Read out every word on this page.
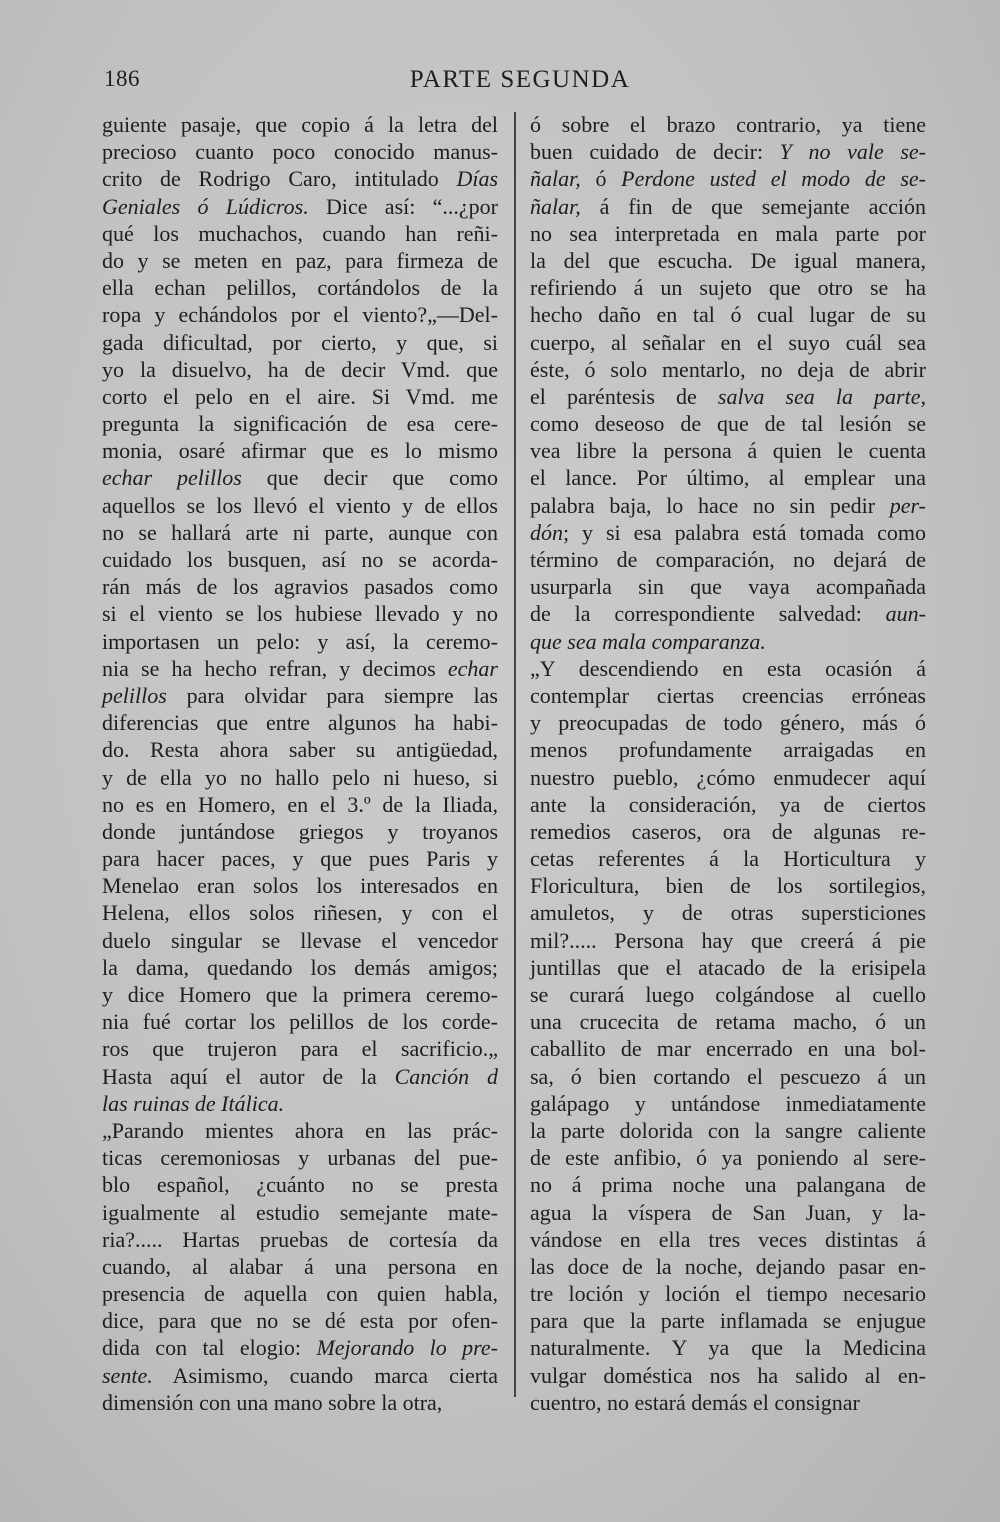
186	PARTE SEGUNDA
guiente pasaje, que copio á la letra del
precioso cuanto poco conocido manus-
crito de Rodrigo Caro, intitulado Días
Geniales ó Lúdicros. Dice así: “...¿por
qué los muchachos, cuando han reñi-
do y se meten en paz, para firmeza de
ella echan pelillos, cortándolos de la
ropa y echándolos por el viento?„—Del-
gada dificultad, por cierto, y que, si
yo la disuelvo, ha de decir Vmd. que
corto el pelo en el aire. Si Vmd. me
pregunta la significación de esa cere-
monia, osaré afirmar que es lo mismo
echar pelillos que decir que como
aquellos se los llevó el viento y de ellos
no se hallará arte ni parte, aunque con
cuidado los busquen, así no se acorda-
rán más de los agravios pasados como
si el viento se los hubiese llevado y no
importasen un pelo: y así, la ceremo-
nia se ha hecho refran, y decimos echar
pelillos para olvidar para siempre las
diferencias que entre algunos ha habi-
do. Resta ahora saber su antigüedad,
y de ella yo no hallo pelo ni hueso, si
no es en Homero, en el 3.º de la Iliada,
donde juntándose griegos y troyanos
para hacer paces, y que pues Paris y
Menelao eran solos los interesados en
Helena, ellos solos riñesen, y con el
duelo singular se llevase el vencedor
la dama, quedando los demás amigos;
y dice Homero que la primera ceremo-
nia fué cortar los pelillos de los corde-
ros que trujeron para el sacrificio.„
Hasta aquí el autor de la Canción d
las ruinas de Itálica.
„Parando mientes ahora en las prác-
ticas ceremoniosas y urbanas del pue-
blo español, ¿cuánto no se presta
igualmente al estudio semejante mate-
ria?..... Hartas pruebas de cortesía da
cuando, al alabar á una persona en
presencia de aquella con quien habla,
dice, para que no se dé esta por ofen-
dida con tal elogio: Mejorando lo pre-
sente. Asimismo, cuando marca cierta
dimensión con una mano sobre la otra,
ó sobre el brazo contrario, ya tiene
buen cuidado de decir: Y no vale se-
ñalar, ó Perdone usted el modo de se-
ñalar, á fin de que semejante acción
no sea interpretada en mala parte por
la del que escucha. De igual manera,
refiriendo á un sujeto que otro se ha
hecho daño en tal ó cual lugar de su
cuerpo, al señalar en el suyo cuál sea
éste, ó solo mentarlo, no deja de abrir
el paréntesis de salva sea la parte,
como deseoso de que de tal lesión se
vea libre la persona á quien le cuenta
el lance. Por último, al emplear una
palabra baja, lo hace no sin pedir per-
dón; y si esa palabra está tomada como
término de comparación, no dejará de
usurparla sin que vaya acompañada
de la correspondiente salvedad: aun-
que sea mala comparanza.
„Y descendiendo en esta ocasión á
contemplar ciertas creencias erróneas
y preocupadas de todo género, más ó
menos profundamente arraigadas en
nuestro pueblo, ¿cómo enmudecer aquí
ante la consideración, ya de ciertos
remedios caseros, ora de algunas re-
cetas referentes á la Horticultura y
Floricultura, bien de los sortilegios,
amuletos, y de otras supersticiones
mil?..... Persona hay que creerá á pie
juntillas que el atacado de la erisipela
se curará luego colgándose al cuello
una crucecita de retama macho, ó un
caballito de mar encerrado en una bol-
sa, ó bien cortando el pescuezo á un
galápago y untándose inmediatamente
la parte dolorida con la sangre caliente
de este anfibio, ó ya poniendo al sere-
no á prima noche una palangana de
agua la víspera de San Juan, y la-
vándose en ella tres veces distintas á
las doce de la noche, dejando pasar en-
tre loción y loción el tiempo necesario
para que la parte inflamada se enjugue
naturalmente. Y ya que la Medicina
vulgar doméstica nos ha salido al en-
cuentro, no estará demás el consignar
